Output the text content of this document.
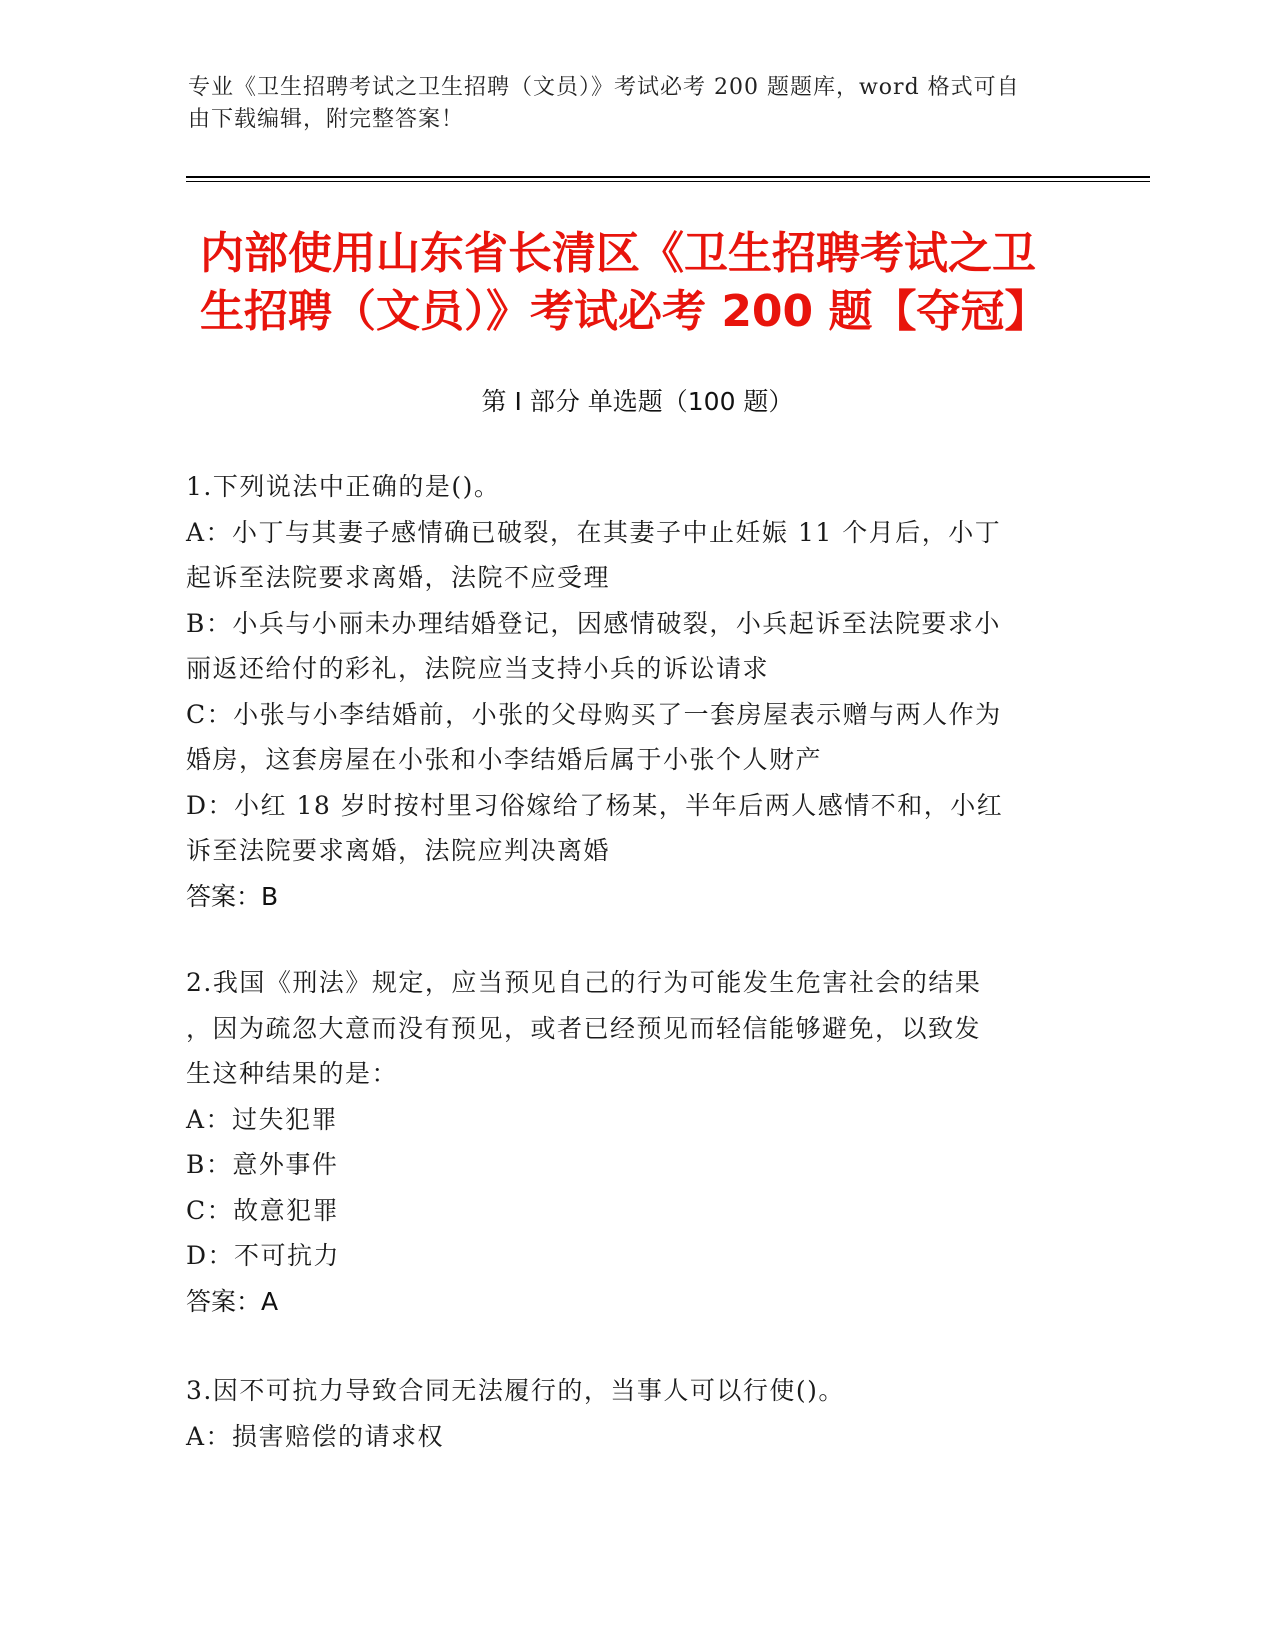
专业《卫生招聘考试之卫生招聘（文员）》考试必考 200 题题库，word 格式可自
由下载编辑，附完整答案！
内部使用山东省长清区《卫生招聘考试之卫
生招聘（文员）》考试必考 200 题【夺冠】
第 I 部分 单选题（100 题）
1.下列说法中正确的是()。
A：小丁与其妻子感情确已破裂，在其妻子中止妊娠 11 个月后，小丁
起诉至法院要求离婚，法院不应受理
B：小兵与小丽未办理结婚登记，因感情破裂，小兵起诉至法院要求小
丽返还给付的彩礼，法院应当支持小兵的诉讼请求
C：小张与小李结婚前，小张的父母购买了一套房屋表示赠与两人作为
婚房，这套房屋在小张和小李结婚后属于小张个人财产
D：小红 18 岁时按村里习俗嫁给了杨某，半年后两人感情不和，小红
诉至法院要求离婚，法院应判决离婚
答案：B
2.我国《刑法》规定，应当预见自己的行为可能发生危害社会的结果
，因为疏忽大意而没有预见，或者已经预见而轻信能够避免，以致发
生这种结果的是：
A：过失犯罪
B：意外事件
C：故意犯罪
D：不可抗力
答案：A
3.因不可抗力导致合同无法履行的，当事人可以行使()。
A：损害赔偿的请求权
